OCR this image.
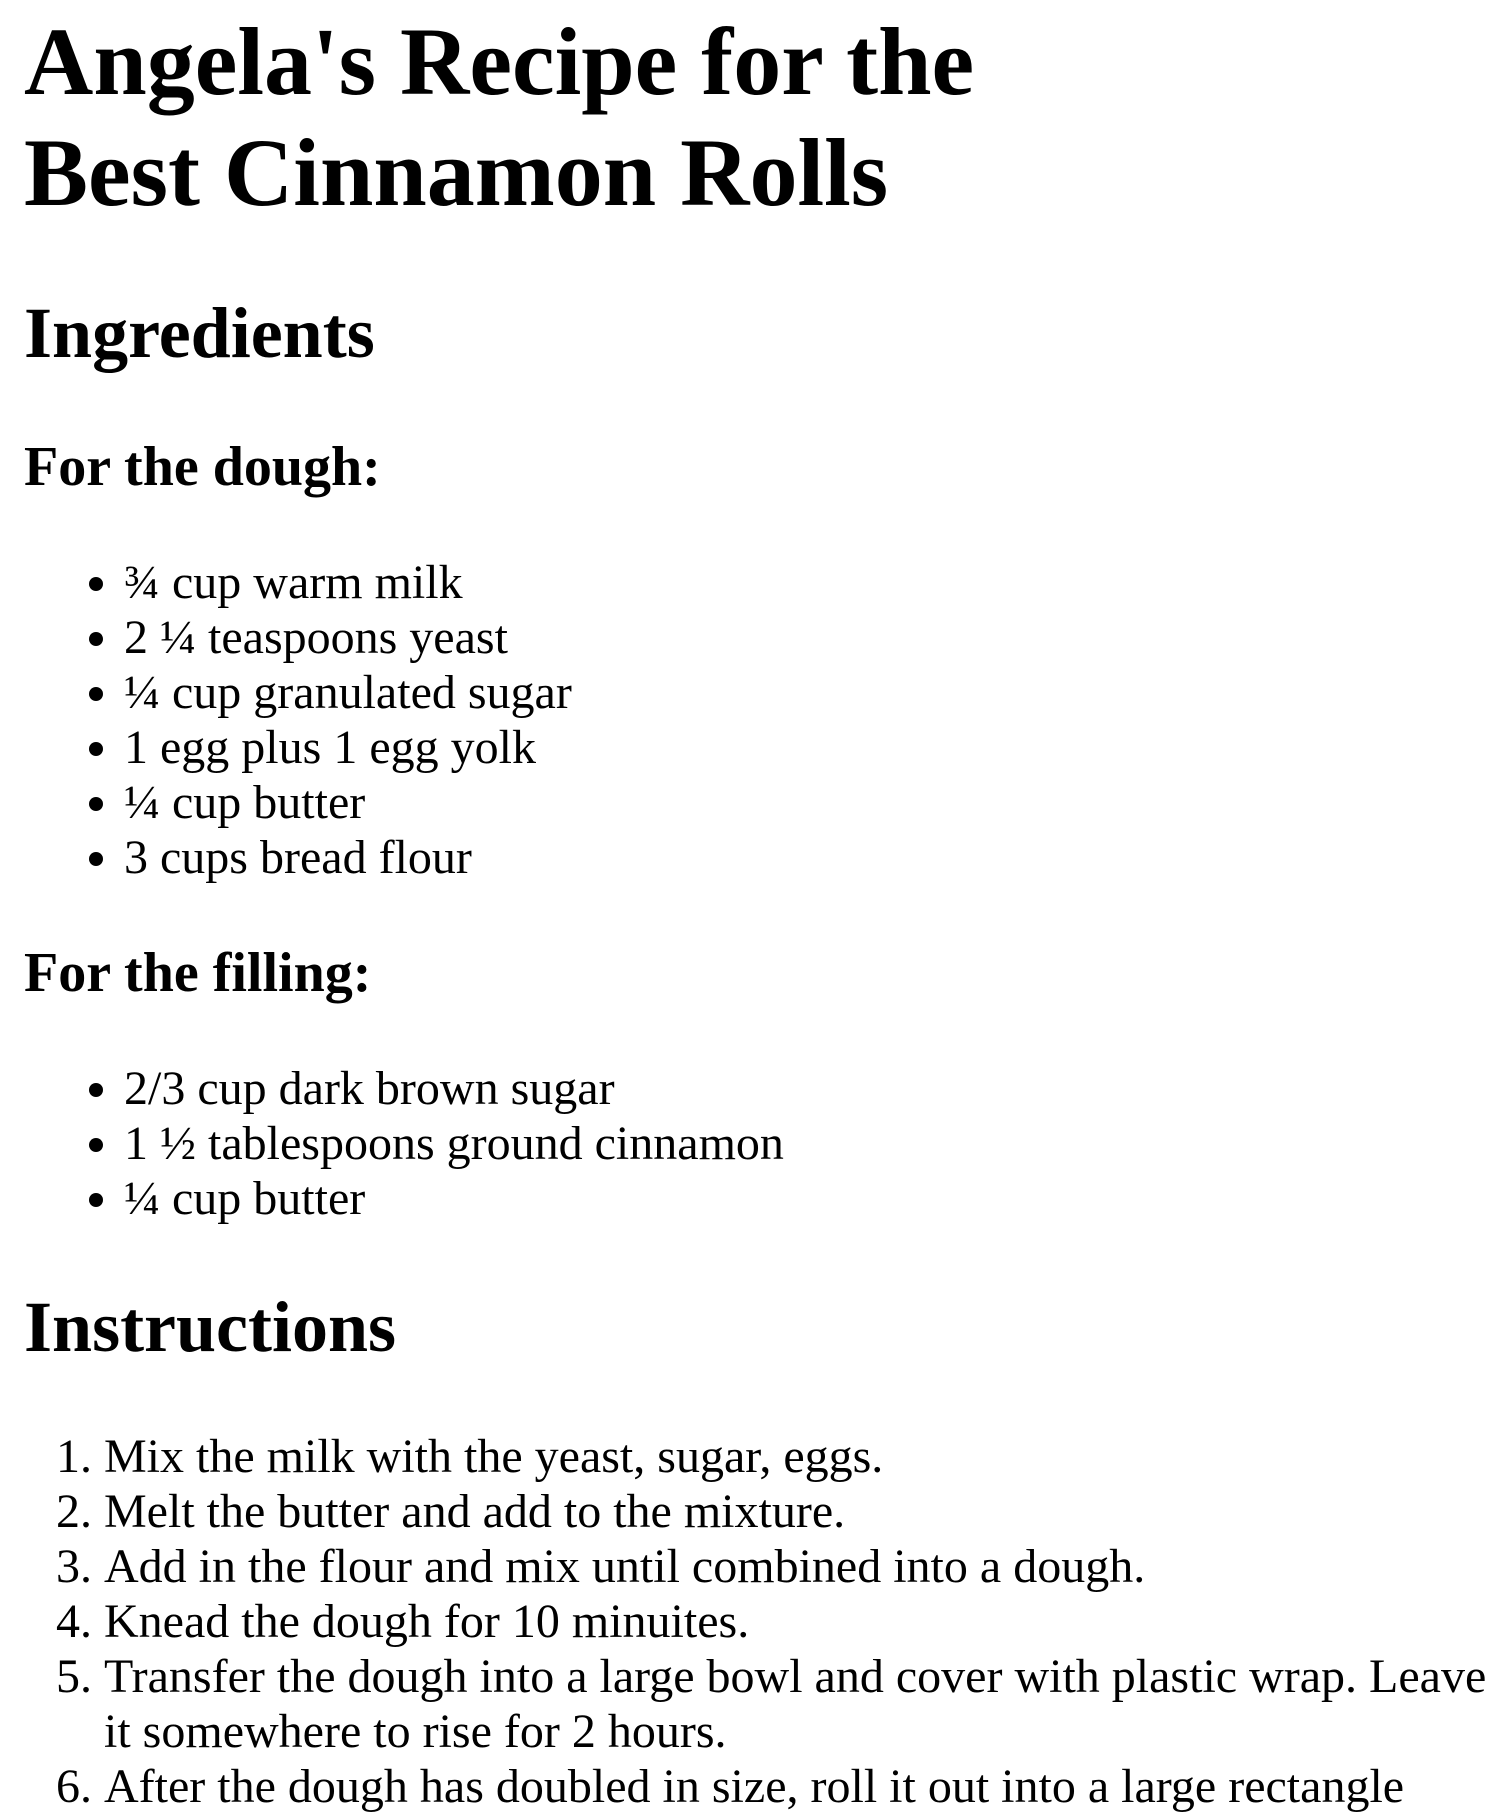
Angela's Recipe for the Best Cinnamon Rolls
Ingredients
For the dough:
• ¾ cup warm milk
• 2 ¼ teaspoons yeast
• ¼ cup granulated sugar
• 1 egg plus 1 egg yolk
• ¼ cup butter
• 3 cups bread flour
For the filling:
• 2/3 cup dark brown sugar
• 1 ½ tablespoons ground cinnamon
• ¼ cup butter
Instructions
1. Mix the milk with the yeast, sugar, eggs.
2. Melt the butter and add to the mixture.
3. Add in the flour and mix until combined into a dough.
4. Knead the dough for 10 minuites.
5. Transfer the dough into a large bowl and cover with plastic wrap. Leave it somewhere to rise for 2 hours.
6. After the dough has doubled in size, roll it out into a large rectangle
